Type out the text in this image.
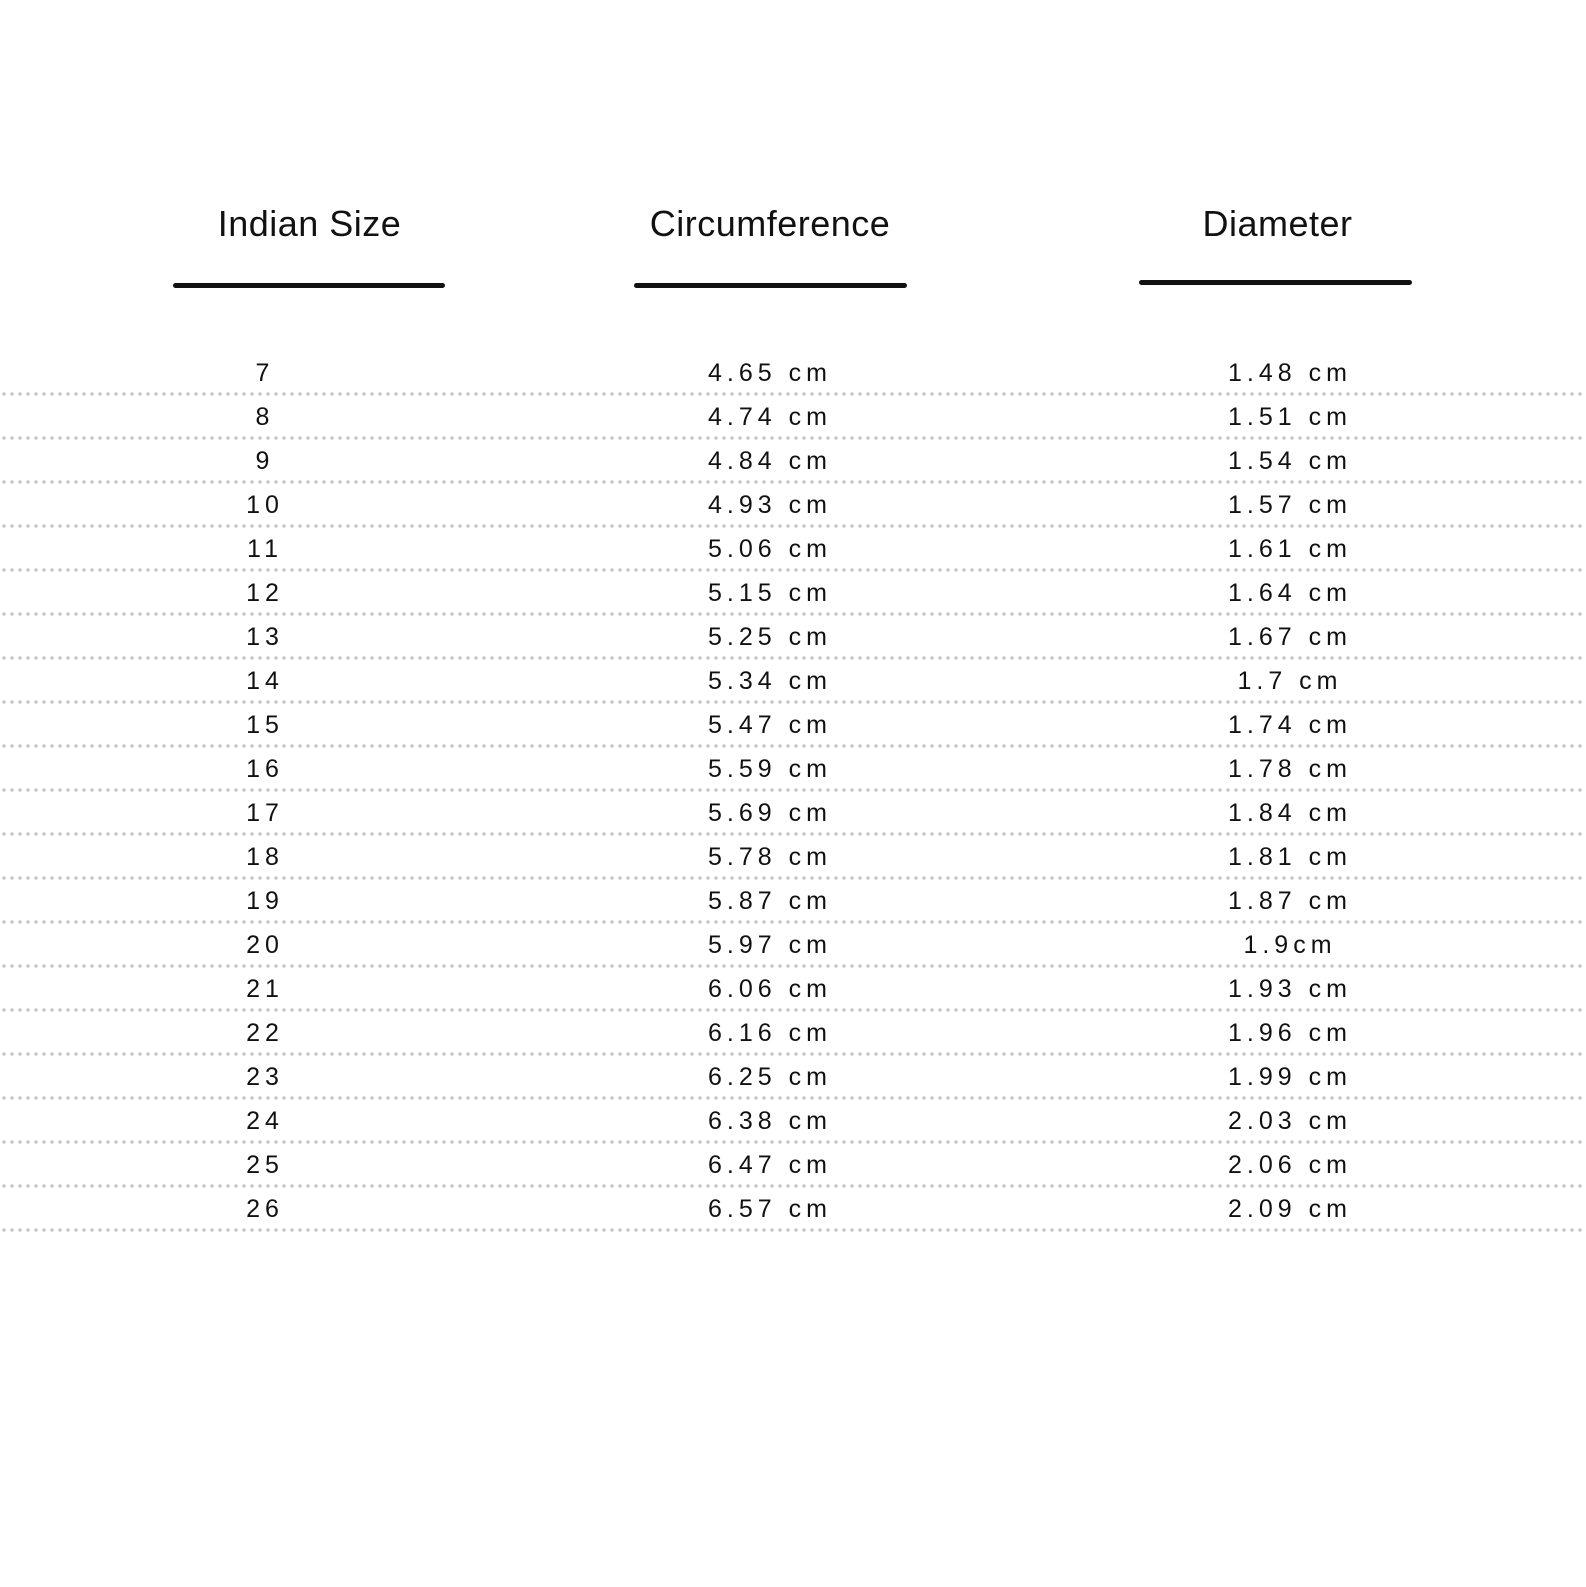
Indian Size	Circumference	Diameter
7	4.65 cm	1.48 cm
8	4.74 cm	1.51 cm
9	4.84 cm	1.54 cm
10	4.93 cm	1.57 cm
11	5.06 cm	1.61 cm
12	5.15 cm	1.64 cm
13	5.25 cm	1.67 cm
14	5.34 cm	1.7 cm
15	5.47 cm	1.74 cm
16	5.59 cm	1.78 cm
17	5.69 cm	1.84 cm
18	5.78 cm	1.81 cm
19	5.87 cm	1.87 cm
20	5.97 cm	1.9cm
21	6.06 cm	1.93 cm
22	6.16 cm	1.96 cm
23	6.25 cm	1.99 cm
24	6.38 cm	2.03 cm
25	6.47 cm	2.06 cm
26	6.57 cm	2.09 cm
